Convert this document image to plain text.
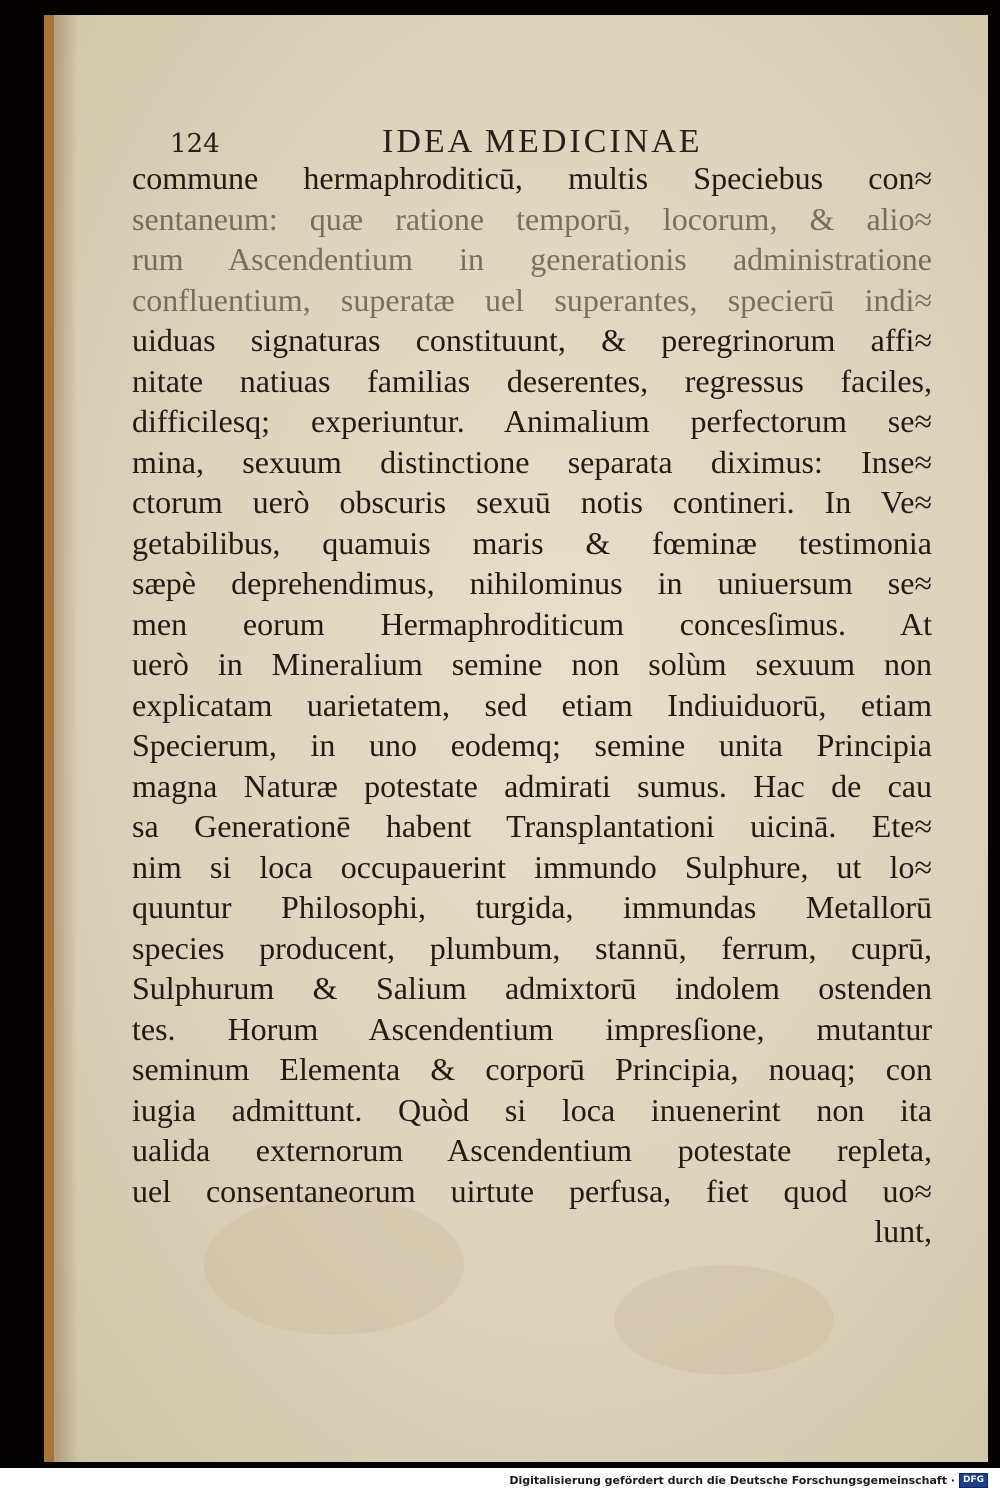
124	IDEA MEDICINAE
commune hermaphroditicū, multis Speciebus con≈
sentaneum: quæ ratione temporū, locorum, & alio≈
rum Ascendentium in generationis administratione
confluentium, superatæ uel superantes, specierū indi≈
uiduas signaturas constituunt, & peregrinorum affi≈
nitate natiuas familias deserentes, regressus faciles,
difficilesq; experiuntur. Animalium perfectorum se≈
mina, sexuum distinctione separata diximus: Inse≈
ctorum uerò obscuris sexuū notis contineri. In Ve≈
getabilibus, quamuis maris & fœminæ testimonia
sæpè deprehendimus, nihilominus in uniuersum se≈
men eorum Hermaphroditicum concesſimus. At
uerò in Mineralium semine non solùm sexuum non
explicatam uarietatem, sed etiam Indiuiduorū, etiam
Specierum, in uno eodemq; semine unita Principia
magna Naturæ potestate admirati sumus. Hac de cau
sa Generationē habent Transplantationi uicinā. Ete≈
nim si loca occupauerint immundo Sulphure, ut lo≈
quuntur Philosophi, turgida, immundas Metallorū
species producent, plumbum, stannū, ferrum, cuprū,
Sulphurum & Salium admixtorū indolem ostenden
tes. Horum Ascendentium impresſione, mutantur
seminum Elementa & corporū Principia, nouaq; con
iugia admittunt. Quòd si loca inuenerint non ita
ualida externorum Ascendentium potestate repleta,
uel consentaneorum uirtute perfusa, fiet quod uo≈
lunt,
Digitalisierung gefördert durch die Deutsche Forschungsgemeinschaft · DFG
